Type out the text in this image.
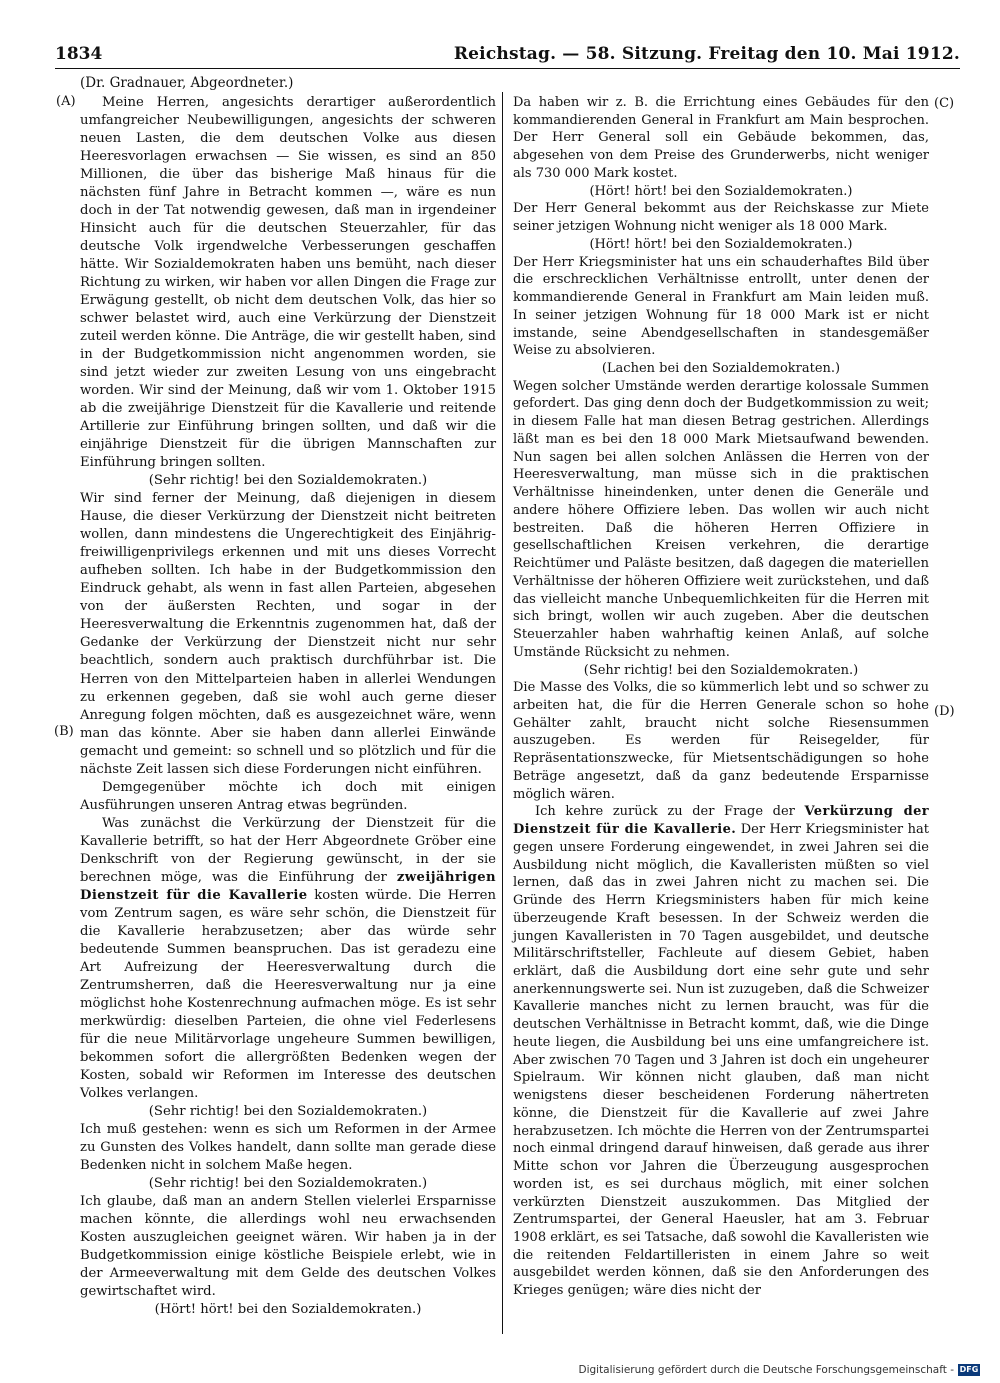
1834	Reichstag. — 58. Sitzung. Freitag den 10. Mai 1912.
(Dr. Gradnauer, Abgeordneter.)
(A)
(B)
(C)
(D)

Meine Herren, angesichts derartiger außerordentlich umfangreicher Neubewilligungen, angesichts der schweren neuen Lasten, die dem deutschen Volke aus diesen Heeresvorlagen erwachsen — Sie wissen, es sind an 850 Millionen, die über das bisherige Maß hinaus für die nächsten fünf Jahre in Betracht kommen —, wäre es nun doch in der Tat notwendig gewesen, daß man in irgendeiner Hinsicht auch für die deutschen Steuerzahler, für das deutsche Volk irgendwelche Verbesserungen geschaffen hätte. Wir Sozialdemokraten haben uns bemüht, nach dieser Richtung zu wirken, wir haben vor allen Dingen die Frage zur Erwägung gestellt, ob nicht dem deutschen Volk, das hier so schwer belastet wird, auch eine Verkürzung der Dienstzeit zuteil werden könne. Die Anträge, die wir gestellt haben, sind in der Budgetkommission nicht angenommen worden, sie sind jetzt wieder zur zweiten Lesung von uns eingebracht worden. Wir sind der Meinung, daß wir vom 1. Oktober 1915 ab die zweijährige Dienstzeit für die Kavallerie und reitende Artillerie zur Einführung bringen sollten, und daß wir die einjährige Dienstzeit für die übrigen Mannschaften zur Einführung bringen sollten.

(Sehr richtig! bei den Sozialdemokraten.)

Wir sind ferner der Meinung, daß diejenigen in diesem Hause, die dieser Verkürzung der Dienstzeit nicht beitreten wollen, dann mindestens die Ungerechtigkeit des Einjährig-freiwilligenprivilegs erkennen und mit uns dieses Vorrecht aufheben sollten. Ich habe in der Budgetkommission den Eindruck gehabt, als wenn in fast allen Parteien, abgesehen von der äußersten Rechten, und sogar in der Heeresverwaltung die Erkenntnis zugenommen hat, daß der Gedanke der Verkürzung der Dienstzeit nicht nur sehr beachtlich, sondern auch praktisch durchführbar ist. Die Herren von den Mittelparteien haben in allerlei Wendungen zu erkennen gegeben, daß sie wohl auch gerne dieser Anregung folgen möchten, daß es ausgezeichnet wäre, wenn man das könnte. Aber sie haben dann allerlei Einwände gemacht und gemeint: so schnell und so plötzlich und für die nächste Zeit lassen sich diese Forderungen nicht einführen.

Demgegenüber möchte ich doch mit einigen Ausführungen unseren Antrag etwas begründen.

Was zunächst die Verkürzung der Dienstzeit für die Kavallerie betrifft, so hat der Herr Abgeordnete Gröber eine Denkschrift von der Regierung gewünscht, in der sie berechnen möge, was die Einführung der zweijährigen Dienstzeit für die Kavallerie kosten würde. Die Herren vom Zentrum sagen, es wäre sehr schön, die Dienstzeit für die Kavallerie herabzusetzen; aber das würde sehr bedeutende Summen beanspruchen. Das ist geradezu eine Art Aufreizung der Heeresverwaltung durch die Zentrumsherren, daß die Heeresverwaltung nur ja eine möglichst hohe Kostenrechnung aufmachen möge. Es ist sehr merkwürdig: dieselben Parteien, die ohne viel Federlesens für die neue Militärvorlage ungeheure Summen bewilligen, bekommen sofort die allergrößten Bedenken wegen der Kosten, sobald wir Reformen im Interesse des deutschen Volkes verlangen.

(Sehr richtig! bei den Sozialdemokraten.)

Ich muß gestehen: wenn es sich um Reformen in der Armee zu Gunsten des Volkes handelt, dann sollte man gerade diese Bedenken nicht in solchem Maße hegen.

(Sehr richtig! bei den Sozialdemokraten.)

Ich glaube, daß man an andern Stellen vielerlei Ersparnisse machen könnte, die allerdings wohl neu erwachsenden Kosten auszugleichen geeignet wären. Wir haben ja in der Budgetkommission einige köstliche Beispiele erlebt, wie in der Armeeverwaltung mit dem Gelde des deutschen Volkes gewirtschaftet wird.

(Hört! hört! bei den Sozialdemokraten.)

Da haben wir z. B. die Errichtung eines Gebäudes für den kommandierenden General in Frankfurt am Main besprochen. Der Herr General soll ein Gebäude bekommen, das, abgesehen von dem Preise des Grunderwerbs, nicht weniger als 730 000 Mark kostet.

(Hört! hört! bei den Sozialdemokraten.)

Der Herr General bekommt aus der Reichskasse zur Miete seiner jetzigen Wohnung nicht weniger als 18 000 Mark.

(Hört! hört! bei den Sozialdemokraten.)

Der Herr Kriegsminister hat uns ein schauderhaftes Bild über die erschrecklichen Verhältnisse entrollt, unter denen der kommandierende General in Frankfurt am Main leiden muß. In seiner jetzigen Wohnung für 18 000 Mark ist er nicht imstande, seine Abendgesellschaften in standesgemäßer Weise zu absolvieren.

(Lachen bei den Sozialdemokraten.)

Wegen solcher Umstände werden derartige kolossale Summen gefordert. Das ging denn doch der Budgetkommission zu weit; in diesem Falle hat man diesen Betrag gestrichen. Allerdings läßt man es bei den 18 000 Mark Mietsaufwand bewenden. Nun sagen bei allen solchen Anlässen die Herren von der Heeresverwaltung, man müsse sich in die praktischen Verhältnisse hineindenken, unter denen die Generäle und andere höhere Offiziere leben. Das wollen wir auch nicht bestreiten. Daß die höheren Herren Offiziere in gesellschaftlichen Kreisen verkehren, die derartige Reichtümer und Paläste besitzen, daß dagegen die materiellen Verhältnisse der höheren Offiziere weit zurückstehen, und daß das vielleicht manche Unbequemlichkeiten für die Herren mit sich bringt, wollen wir auch zugeben. Aber die deutschen Steuerzahler haben wahrhaftig keinen Anlaß, auf solche Umstände Rücksicht zu nehmen.

(Sehr richtig! bei den Sozialdemokraten.)

Die Masse des Volks, die so kümmerlich lebt und so schwer zu arbeiten hat, die für die Herren Generale schon so hohe Gehälter zahlt, braucht nicht solche Riesensummen auszugeben. Es werden für Reisegelder, für Repräsentationszwecke, für Mietsentschädigungen so hohe Beträge angesetzt, daß da ganz bedeutende Ersparnisse möglich wären.

Ich kehre zurück zu der Frage der Verkürzung der Dienstzeit für die Kavallerie. Der Herr Kriegsminister hat gegen unsere Forderung eingewendet, in zwei Jahren sei die Ausbildung nicht möglich, die Kavalleristen müßten so viel lernen, daß das in zwei Jahren nicht zu machen sei. Die Gründe des Herrn Kriegsministers haben für mich keine überzeugende Kraft besessen. In der Schweiz werden die jungen Kavalleristen in 70 Tagen ausgebildet, und deutsche Militärschriftsteller, Fachleute auf diesem Gebiet, haben erklärt, daß die Ausbildung dort eine sehr gute und sehr anerkennungswerte sei. Nun ist zuzugeben, daß die Schweizer Kavallerie manches nicht zu lernen braucht, was für die deutschen Verhältnisse in Betracht kommt, daß, wie die Dinge heute liegen, die Ausbildung bei uns eine umfangreichere ist. Aber zwischen 70 Tagen und 3 Jahren ist doch ein ungeheurer Spielraum. Wir können nicht glauben, daß man nicht wenigstens dieser bescheidenen Forderung nähertreten könne, die Dienstzeit für die Kavallerie auf zwei Jahre herabzusetzen. Ich möchte die Herren von der Zentrumspartei noch einmal dringend darauf hinweisen, daß gerade aus ihrer Mitte schon vor Jahren die Überzeugung ausgesprochen worden ist, es sei durchaus möglich, mit einer solchen verkürzten Dienstzeit auszukommen. Das Mitglied der Zentrumspartei, der General Haeusler, hat am 3. Februar 1908 erklärt, es sei Tatsache, daß sowohl die Kavalleristen wie die reitenden Feldartilleristen in einem Jahre so weit ausgebildet werden können, daß sie den Anforderungen des Krieges genügen; wäre dies nicht der

Digitalisierung gefördert durch die Deutsche Forschungsgemeinschaft - DFG
